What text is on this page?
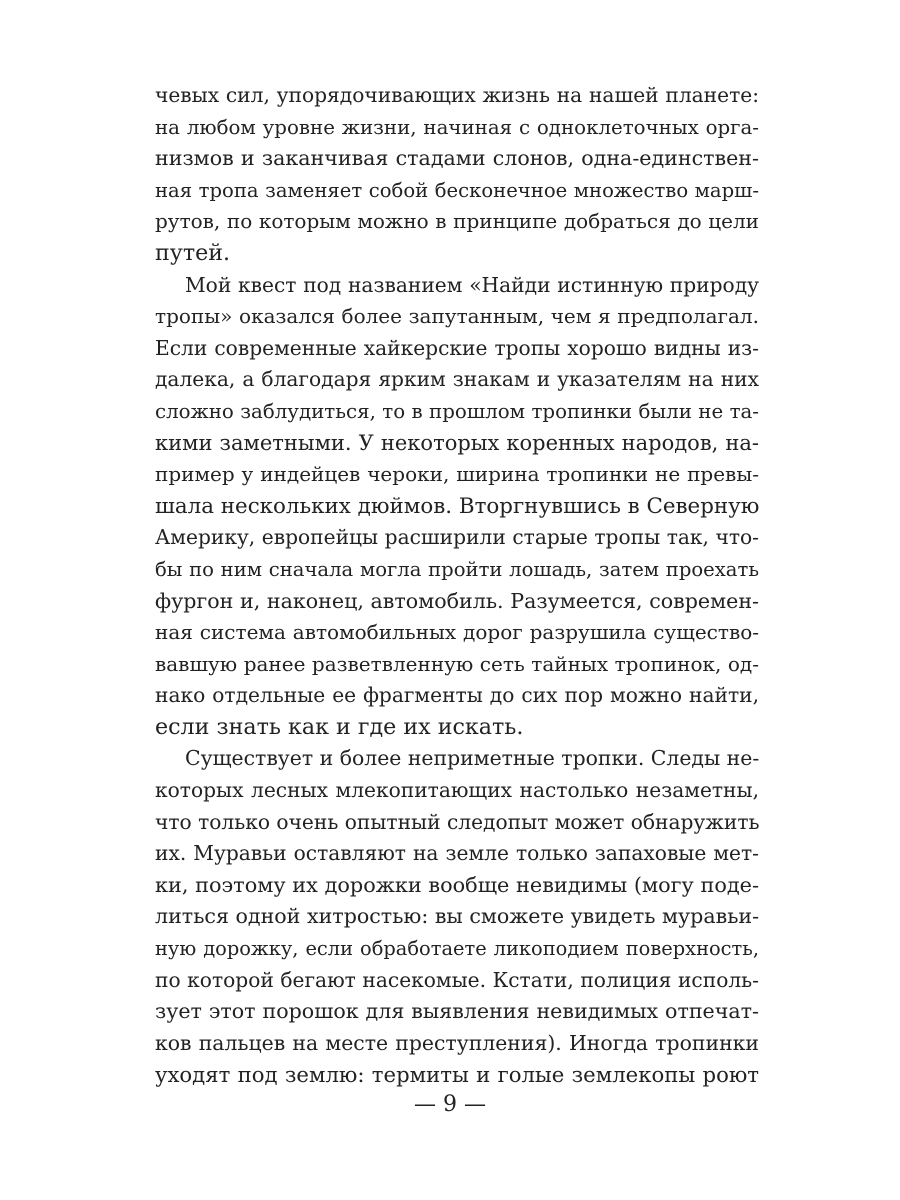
чевых сил, упорядочивающих жизнь на нашей планете:
на любом уровне жизни, начиная с одноклеточных орга-
низмов и заканчивая стадами слонов, одна-единствен-
ная тропа заменяет собой бесконечное множество марш-
рутов, по которым можно в принципе добраться до цели
путей.
Мой квест под названием «Найди истинную природу
тропы» оказался более запутанным, чем я предполагал.
Если современные хайкерские тропы хорошо видны из-
далека, а благодаря ярким знакам и указателям на них
сложно заблудиться, то в прошлом тропинки были не та-
кими заметными. У некоторых коренных народов, на-
пример у индейцев чероки, ширина тропинки не превы-
шала нескольких дюймов. Вторгнувшись в Северную
Америку, европейцы расширили старые тропы так, что-
бы по ним сначала могла пройти лошадь, затем проехать
фургон и, наконец, автомобиль. Разумеется, современ-
ная система автомобильных дорог разрушила существо-
вавшую ранее разветвленную сеть тайных тропинок, од-
нако отдельные ее фрагменты до сих пор можно найти,
если знать как и где их искать.
Существует и более неприметные тропки. Следы не-
которых лесных млекопитающих настолько незаметны,
что только очень опытный следопыт может обнаружить
их. Муравьи оставляют на земле только запаховые мет-
ки, поэтому их дорожки вообще невидимы (могу поде-
литься одной хитростью: вы сможете увидеть муравьи-
ную дорожку, если обработаете ликоподием поверхность,
по которой бегают насекомые. Кстати, полиция исполь-
зует этот порошок для выявления невидимых отпечат-
ков пальцев на месте преступления). Иногда тропинки
уходят под землю: термиты и голые землекопы роют
— 9 —
